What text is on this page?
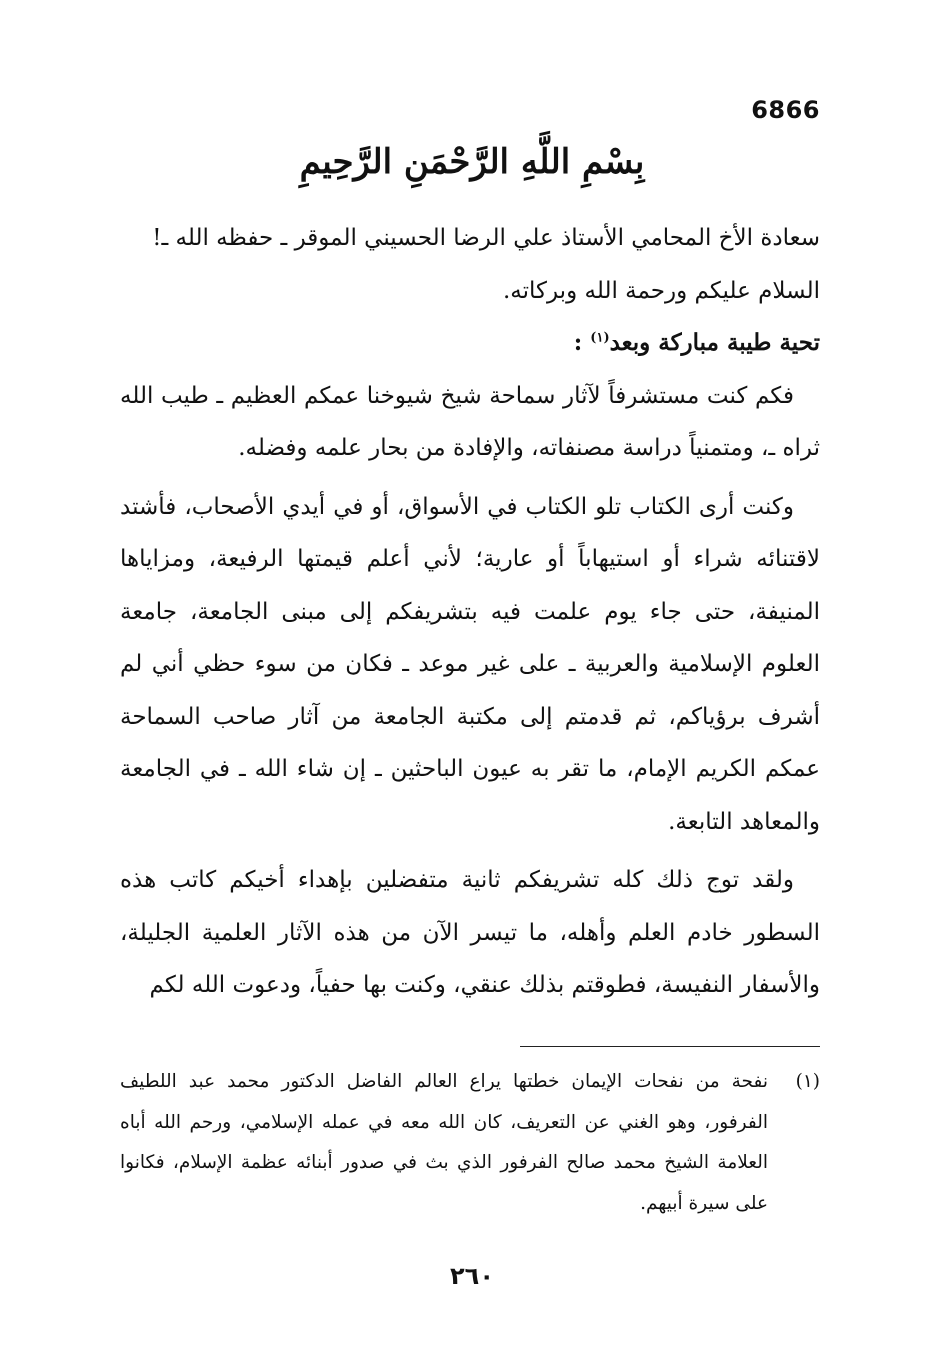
6866
بِسْمِ اللَّهِ الرَّحْمَنِ الرَّحِيمِ

سعادة الأخ المحامي الأستاذ علي الرضا الحسيني الموقر ـ حفظه الله ـ!

السلام عليكم ورحمة الله وبركاته.

تحية طيبة مباركة وبعد$^{(١)}$ :

فكم كنت مستشرفاً لآثار سماحة شيخ شيوخنا عمكم العظيم ـ طيب الله ثراه ـ، ومتمنياً دراسة مصنفاته، والإفادة من بحار علمه وفضله.

وكنت أرى الكتاب تلو الكتاب في الأسواق، أو في أيدي الأصحاب، فأشتد لاقتنائه شراء أو استيهاباً أو عارية؛ لأني أعلم قيمتها الرفيعة، ومزاياها المنيفة، حتى جاء يوم علمت فيه بتشريفكم إلى مبنى الجامعة، جامعة العلوم الإسلامية والعربية ـ على غير موعد ـ فكان من سوء حظي أني لم أشرف برؤياكم، ثم قدمتم إلى مكتبة الجامعة من آثار صاحب السماحة عمكم الكريم الإمام، ما تقر به عيون الباحثين ـ إن شاء الله ـ في الجامعة والمعاهد التابعة.

ولقد توج ذلك كله تشريفكم ثانية متفضلين بإهداء أخيكم كاتب هذه السطور خادم العلم وأهله، ما تيسر الآن من هذه الآثار العلمية الجليلة، والأسفار النفيسة، فطوقتم بذلك عنقي، وكنت بها حفياً، ودعوت الله لكم

(١)
نفحة من نفحات الإيمان خطتها يراع العالم الفاضل الدكتور محمد عبد اللطيف الفرفور، وهو الغني عن التعريف، كان الله معه في عمله الإسلامي، ورحم الله أباه العلامة الشيخ محمد صالح الفرفور الذي بث في صدور أبنائه عظمة الإسلام، فكانوا على سيرة أبيهم.
٢٦٠
